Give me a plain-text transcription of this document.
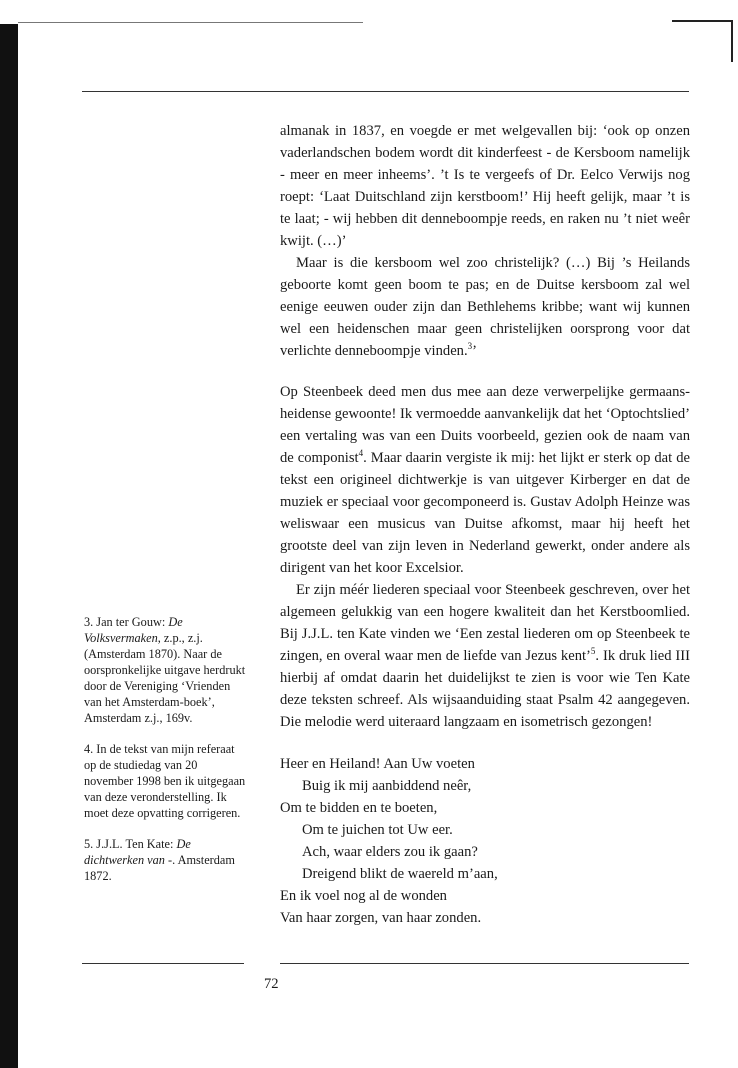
almanak in 1837, en voegde er met welgevallen bij: ‘ook op onzen vaderlandschen bodem wordt dit kinderfeest - de Kersboom namelijk - meer en meer inheems’. ’t Is te vergeefs of Dr. Eelco Verwijs nog roept: ‘Laat Duitschland zijn kerstboom!’ Hij heeft gelijk, maar ’t is te laat; - wij hebben dit denneboompje reeds, en raken nu ’t niet weêr kwijt. (…)’

Maar is die kersboom wel zoo christelijk? (…) Bij ’s Heilands geboorte komt geen boom te pas; en de Duitse kersboom zal wel eenige eeuwen ouder zijn dan Bethlehems kribbe; want wij kunnen wel een heidenschen maar geen christelijken oorsprong voor dat verlichte denneboompje vinden.$^3$’

Op Steenbeek deed men dus mee aan deze verwerpelijke germaans-heidense gewoonte! Ik vermoedde aanvankelijk dat het ‘Optochtslied’ een vertaling was van een Duits voorbeeld, gezien ook de naam van de componist$^4$. Maar daarin vergiste ik mij: het lijkt er sterk op dat de tekst een origineel dichtwerkje is van uitgever Kirberger en dat de muziek er speciaal voor gecomponeerd is. Gustav Adolph Heinze was weliswaar een musicus van Duitse afkomst, maar hij heeft het grootste deel van zijn leven in Nederland gewerkt, onder andere als dirigent van het koor Excelsior.

Er zijn méér liederen speciaal voor Steenbeek geschreven, over het algemeen gelukkig van een hogere kwaliteit dan het Kerstboomlied. Bij J.J.L. ten Kate vinden we ‘Een zestal liederen om op Steenbeek te zingen, en overal waar men de liefde van Jezus kent’$^5$. Ik druk lied III hierbij af omdat daarin het duidelijkst te zien is voor wie Ten Kate deze teksten schreef. Als wijsaanduiding staat Psalm 42 aangegeven. Die melodie werd uiteraard langzaam en isometrisch gezongen!

Heer en Heiland! Aan Uw voeten
Buig ik mij aanbiddend neêr,
Om te bidden en te boeten,
Om te juichen tot Uw eer.
Ach, waar elders zou ik gaan?
Dreigend blikt de waereld m’aan,
En ik voel nog al de wonden
Van haar zorgen, van haar zonden.
3. Jan ter Gouw: De Volksvermaken, z.p., z.j. (Amsterdam 1870). Naar de oorspronkelijke uitgave herdrukt door de Vereniging ‘Vrienden van het Amsterdam-boek’, Amsterdam z.j., 169v.
4. In de tekst van mijn referaat op de studiedag van 20 november 1998 ben ik uitgegaan van deze veronderstelling. Ik moet deze opvatting corrigeren.
5. J.J.L. Ten Kate: De dichtwerken van -. Amsterdam 1872.
72
